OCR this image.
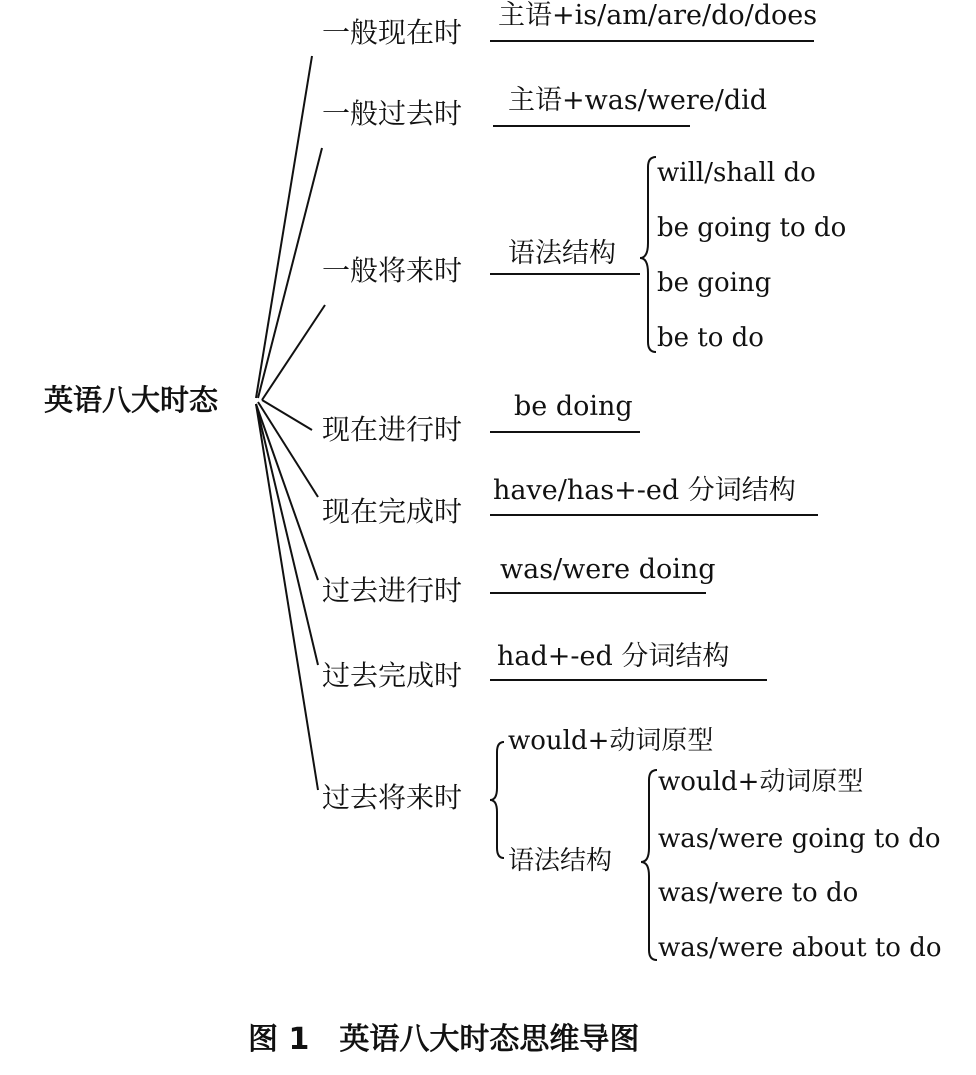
英语八大时态
一般现在时
主语+is/am/are/do/does
一般过去时 主语+was/were/did
一般将来时
语法结构
will/shall do
be going to do
be going
be to do
现在进行时
be doing
现在完成时
have/has+-ed 分词结构
过去进行时
was/were doing
过去完成时
had+-ed 分词结构
过去将来时
would+动词原型
语法结构
would+动词原型
was/were going to do
was/were to do
was/were about to do
图 1　英语八大时态思维导图
